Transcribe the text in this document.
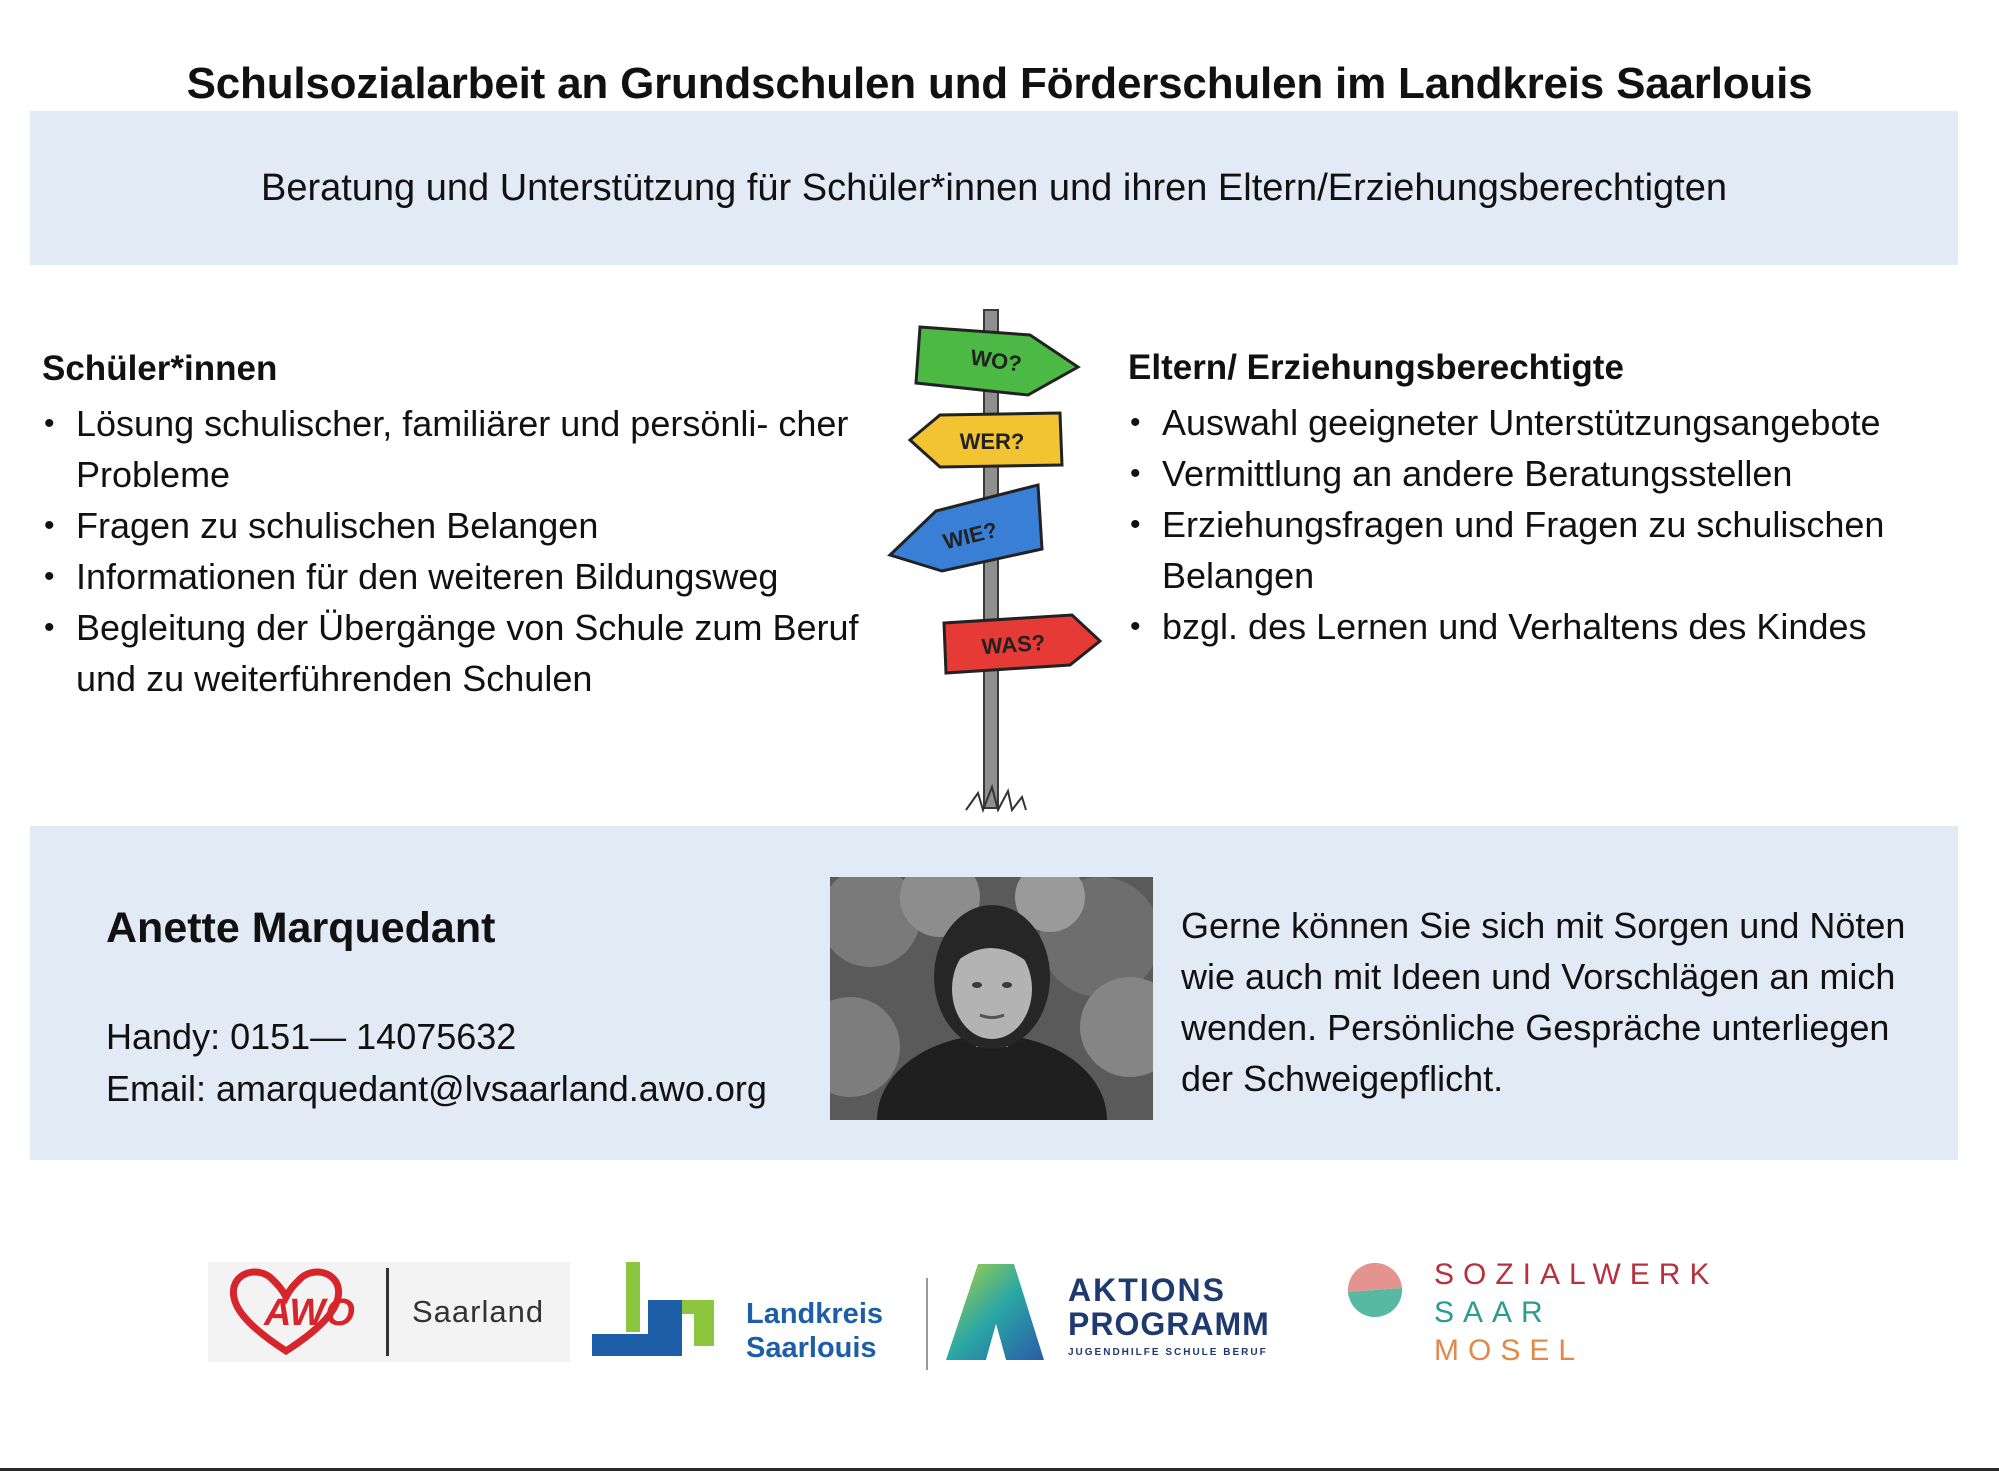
Schulsozialarbeit an Grundschulen und Förderschulen im Landkreis Saarlouis

Beratung und Unterstützung für Schüler*innen und ihren Eltern/Erziehungsberechtigten

Schüler*innen

• Lösung schulischer, familiärer und persönli- cher Probleme
• Fragen zu schulischen Belangen
• Informationen für den weiteren Bildungsweg
• Begleitung der Übergänge von Schule zum Beruf und zu weiterführenden Schulen
WO?
WER?
WIE?
WAS?

Eltern/ Erziehungsberechtigte

• Auswahl geeigneter Unterstützungsangebote
• Vermittlung an andere Beratungsstellen
• Erziehungsfragen und Fragen zu schulischen Belangen
• bzgl. des Lernen und Verhaltens des Kindes

Anette Marquedant

Handy: 0151— 14075632

Email: amarquedant@lvsaarland.awo.org

Gerne können Sie sich mit Sorgen und Nöten wie auch mit Ideen und Vorschlägen an mich wenden. Persönliche Gespräche unterliegen der Schweigepflicht.

AWO Saarland	Landkreis
Saarlouis
AKTIONS
PROGRAMM
JUGENDHILFE SCHULE BERUF
SOZIALWERK
SAAR
MOSEL
